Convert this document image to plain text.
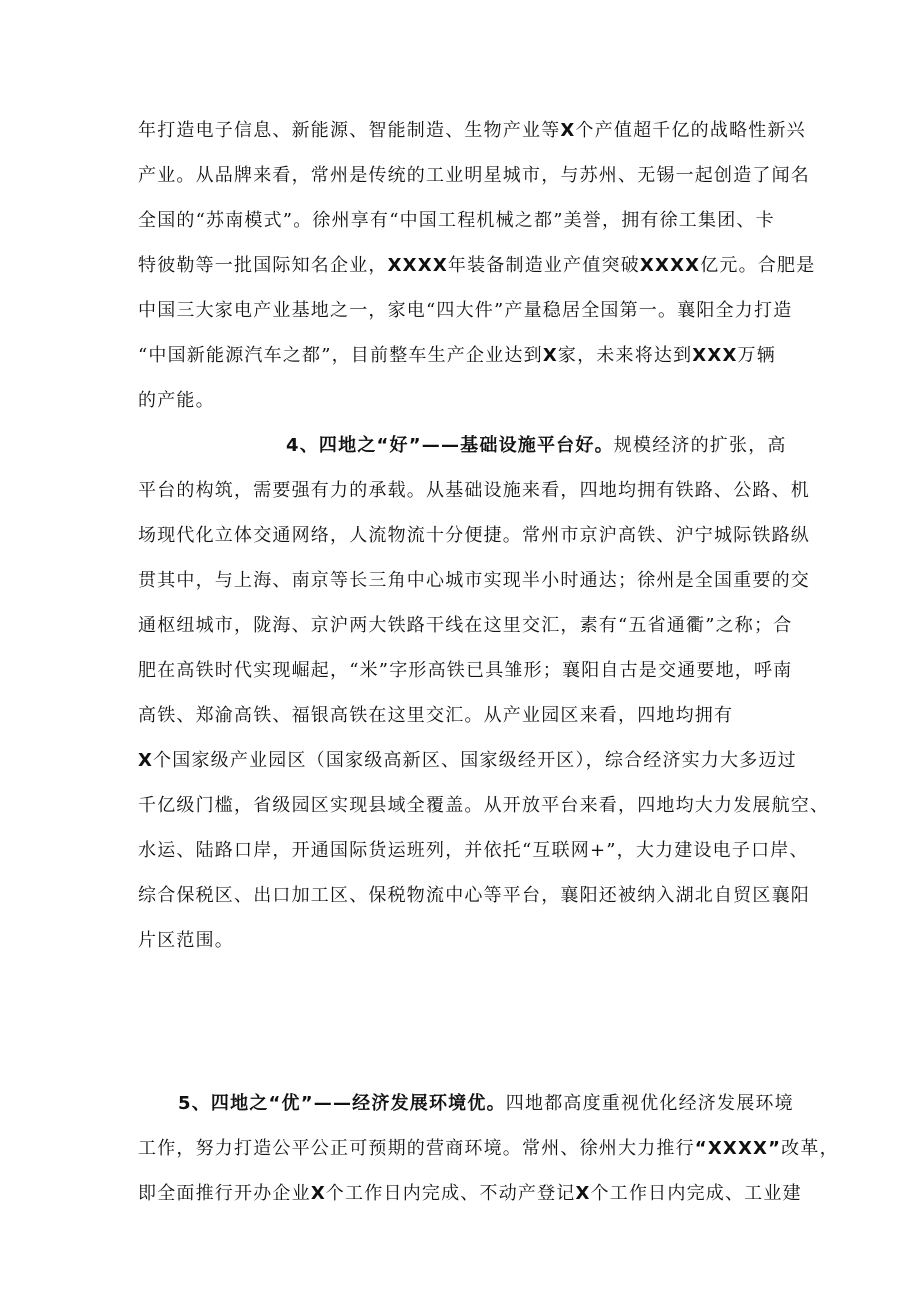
年打造电子信息、新能源、智能制造、生物产业等X个产值超千亿的战略性新兴
产业。从品牌来看，常州是传统的工业明星城市，与苏州、无锡一起创造了闻名
全国的“苏南模式”。徐州享有“中国工程机械之都”美誉，拥有徐工集团、卡
特彼勒等一批国际知名企业，XXXX年装备制造业产值突破XXXX亿元。合肥是
中国三大家电产业基地之一，家电“四大件”产量稳居全国第一。襄阳全力打造
“中国新能源汽车之都”，目前整车生产企业达到X家，未来将达到XXX万辆
的产能。
4、四地之“好”——基础设施平台好。规模经济的扩张，高
平台的构筑，需要强有力的承载。从基础设施来看，四地均拥有铁路、公路、机
场现代化立体交通网络，人流物流十分便捷。常州市京沪高铁、沪宁城际铁路纵
贯其中，与上海、南京等长三角中心城市实现半小时通达；徐州是全国重要的交
通枢纽城市，陇海、京沪两大铁路干线在这里交汇，素有“五省通衢”之称；合
肥在高铁时代实现崛起，“米”字形高铁已具雏形；襄阳自古是交通要地，呼南
高铁、郑渝高铁、福银高铁在这里交汇。从产业园区来看，四地均拥有
X个国家级产业园区（国家级高新区、国家级经开区），综合经济实力大多迈过
千亿级门槛，省级园区实现县域全覆盖。从开放平台来看，四地均大力发展航空、
水运、陆路口岸，开通国际货运班列，并依托“互联网+”，大力建设电子口岸、
综合保税区、出口加工区、保税物流中心等平台，襄阳还被纳入湖北自贸区襄阳
片区范围。
5、四地之“优”——经济发展环境优。四地都高度重视优化经济发展环境
工作，努力打造公平公正可预期的营商环境。常州、徐州大力推行“XXXX”改革，
即全面推行开办企业X个工作日内完成、不动产登记X个工作日内完成、工业建
